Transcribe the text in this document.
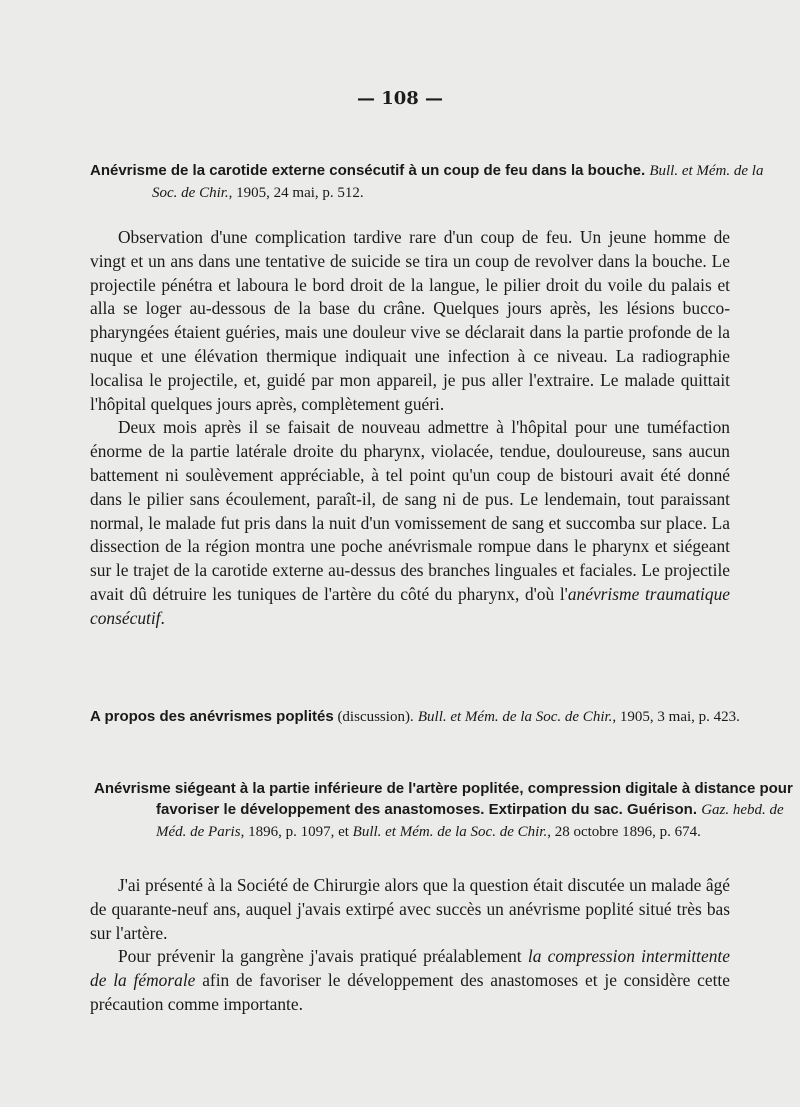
— 108 —
Anévrisme de la carotide externe consécutif à un coup de feu dans la bouche. Bull. et Mém. de la Soc. de Chir., 1905, 24 mai, p. 512.

Observation d'une complication tardive rare d'un coup de feu. Un jeune homme de vingt et un ans dans une tentative de suicide se tira un coup de revolver dans la bouche. Le projectile pénétra et laboura le bord droit de la langue, le pilier droit du voile du palais et alla se loger au-dessous de la base du crâne. Quelques jours après, les lésions bucco-pharyngées étaient guéries, mais une douleur vive se déclarait dans la partie profonde de la nuque et une élévation thermique indiquait une infection à ce niveau. La radiographie localisa le projectile, et, guidé par mon appareil, je pus aller l'extraire. Le malade quittait l'hôpital quelques jours après, complètement guéri.

Deux mois après il se faisait de nouveau admettre à l'hôpital pour une tuméfaction énorme de la partie latérale droite du pharynx, violacée, tendue, douloureuse, sans aucun battement ni soulèvement appréciable, à tel point qu'un coup de bistouri avait été donné dans le pilier sans écoulement, paraît-il, de sang ni de pus. Le lendemain, tout paraissant normal, le malade fut pris dans la nuit d'un vomissement de sang et succomba sur place. La dissection de la région montra une poche anévrismale rompue dans le pharynx et siégeant sur le trajet de la carotide externe au-dessus des branches linguales et faciales. Le projectile avait dû détruire les tuniques de l'artère du côté du pharynx, d'où l'anévrisme traumatique consécutif.

A propos des anévrismes poplités (discussion). Bull. et Mém. de la Soc. de Chir., 1905, 3 mai, p. 423.
Anévrisme siégeant à la partie inférieure de l'artère poplitée, compression digitale à distance pour favoriser le développement des anastomoses. Extirpation du sac. Guérison. Gaz. hebd. de Méd. de Paris, 1896, p. 1097, et Bull. et Mém. de la Soc. de Chir., 28 octobre 1896, p. 674.

J'ai présenté à la Société de Chirurgie alors que la question était discutée un malade âgé de quarante-neuf ans, auquel j'avais extirpé avec succès un anévrisme poplité situé très bas sur l'artère.

Pour prévenir la gangrène j'avais pratiqué préalablement la compression intermittente de la fémorale afin de favoriser le développement des anastomoses et je considère cette précaution comme importante.
